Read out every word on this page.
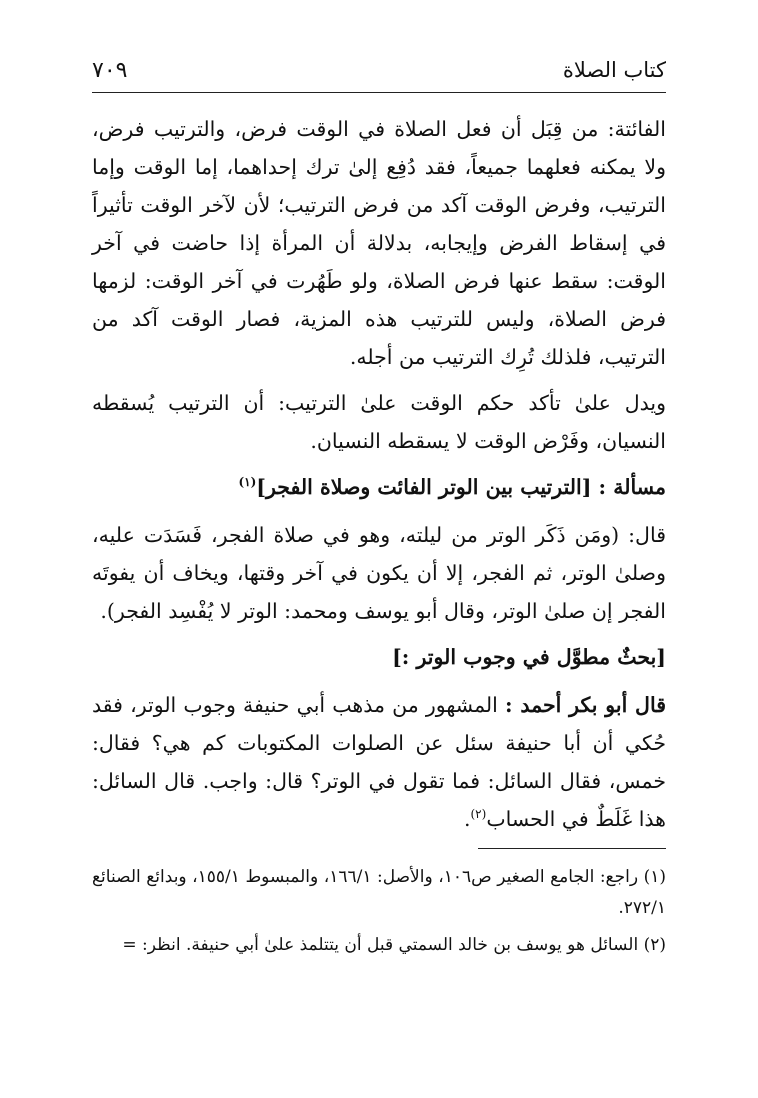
كتاب الصلاة
٧٠٩

الفائتة: من قِبَل أن فعل الصلاة في الوقت فرض، والترتيب فرض، ولا يمكنه فعلهما جميعاً، فقد دُفِع إلىٰ ترك إحداهما، إما الوقت وإما الترتيب، وفرض الوقت آكد من فرض الترتيب؛ لأن لآخر الوقت تأثيراً في إسقاط الفرض وإيجابه، بدلالة أن المرأة إذا حاضت في آخر الوقت: سقط عنها فرض الصلاة، ولو طَهُرت في آخر الوقت: لزمها فرض الصلاة، وليس للترتيب هذه المزية، فصار الوقت آكد من الترتيب، فلذلك تُرِك الترتيب من أجله.

ويدل علىٰ تأكد حكم الوقت علىٰ الترتيب: أن الترتيب يُسقطه النسيان، وفَرْض الوقت لا يسقطه النسيان.

مسألة : [الترتيب بين الوتر الفائت وصلاة الفجر]$^{(١)}$

قال: (ومَن ذَكَر الوتر من ليلته، وهو في صلاة الفجر، فَسَدَت عليه، وصلىٰ الوتر، ثم الفجر، إلا أن يكون في آخر وقتها، ويخاف أن يفوتَه الفجر إن صلىٰ الوتر، وقال أبو يوسف ومحمد: الوتر لا يُفْسِد الفجر).

[بحثٌ مطوَّل في وجوب الوتر :]

قال أبو بكر أحمد : المشهور من مذهب أبي حنيفة وجوب الوتر، فقد حُكي أن أبا حنيفة سئل عن الصلوات المكتوبات كم هي؟ فقال: خمس، فقال السائل: فما تقول في الوتر؟ قال: واجب. قال السائل: هذا غَلَطٌ في الحساب$^{(٢)}$.

(١) راجع: الجامع الصغير ص١٠٦، والأصل: ١٦٦/١، والمبسوط ١٥٥/١، وبدائع الصنائع ٢٧٢/١.

(٢) السائل هو يوسف بن خالد السمتي قبل أن يتتلمذ علىٰ أبي حنيفة. انظر: =
